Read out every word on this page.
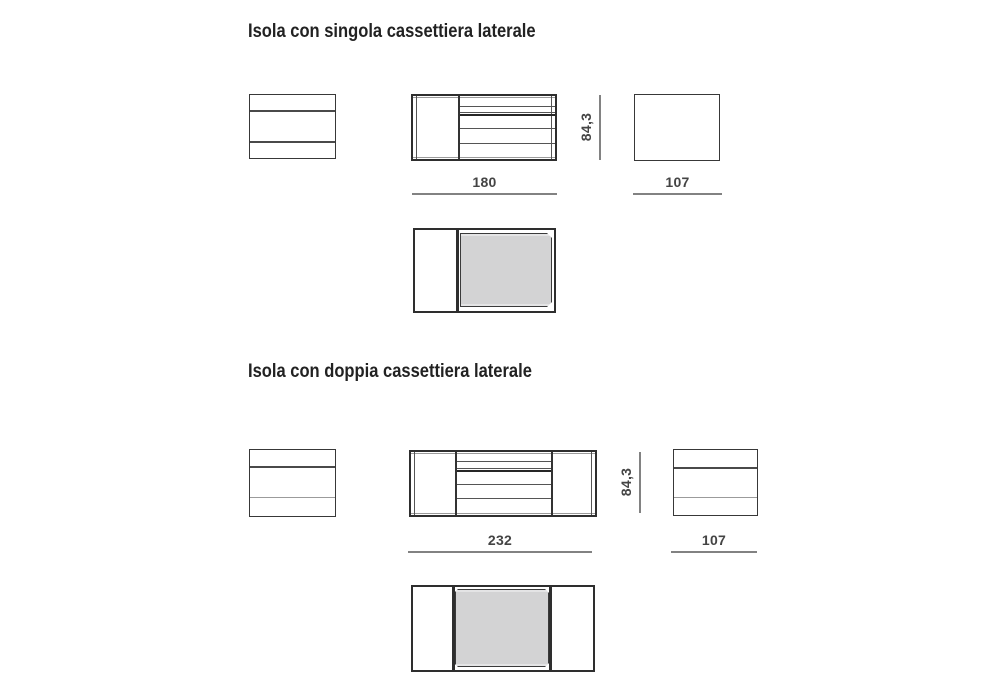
Isola con singola cassettiera laterale
84,3
180	107
Isola con doppia cassettiera laterale
84,3
232	107
